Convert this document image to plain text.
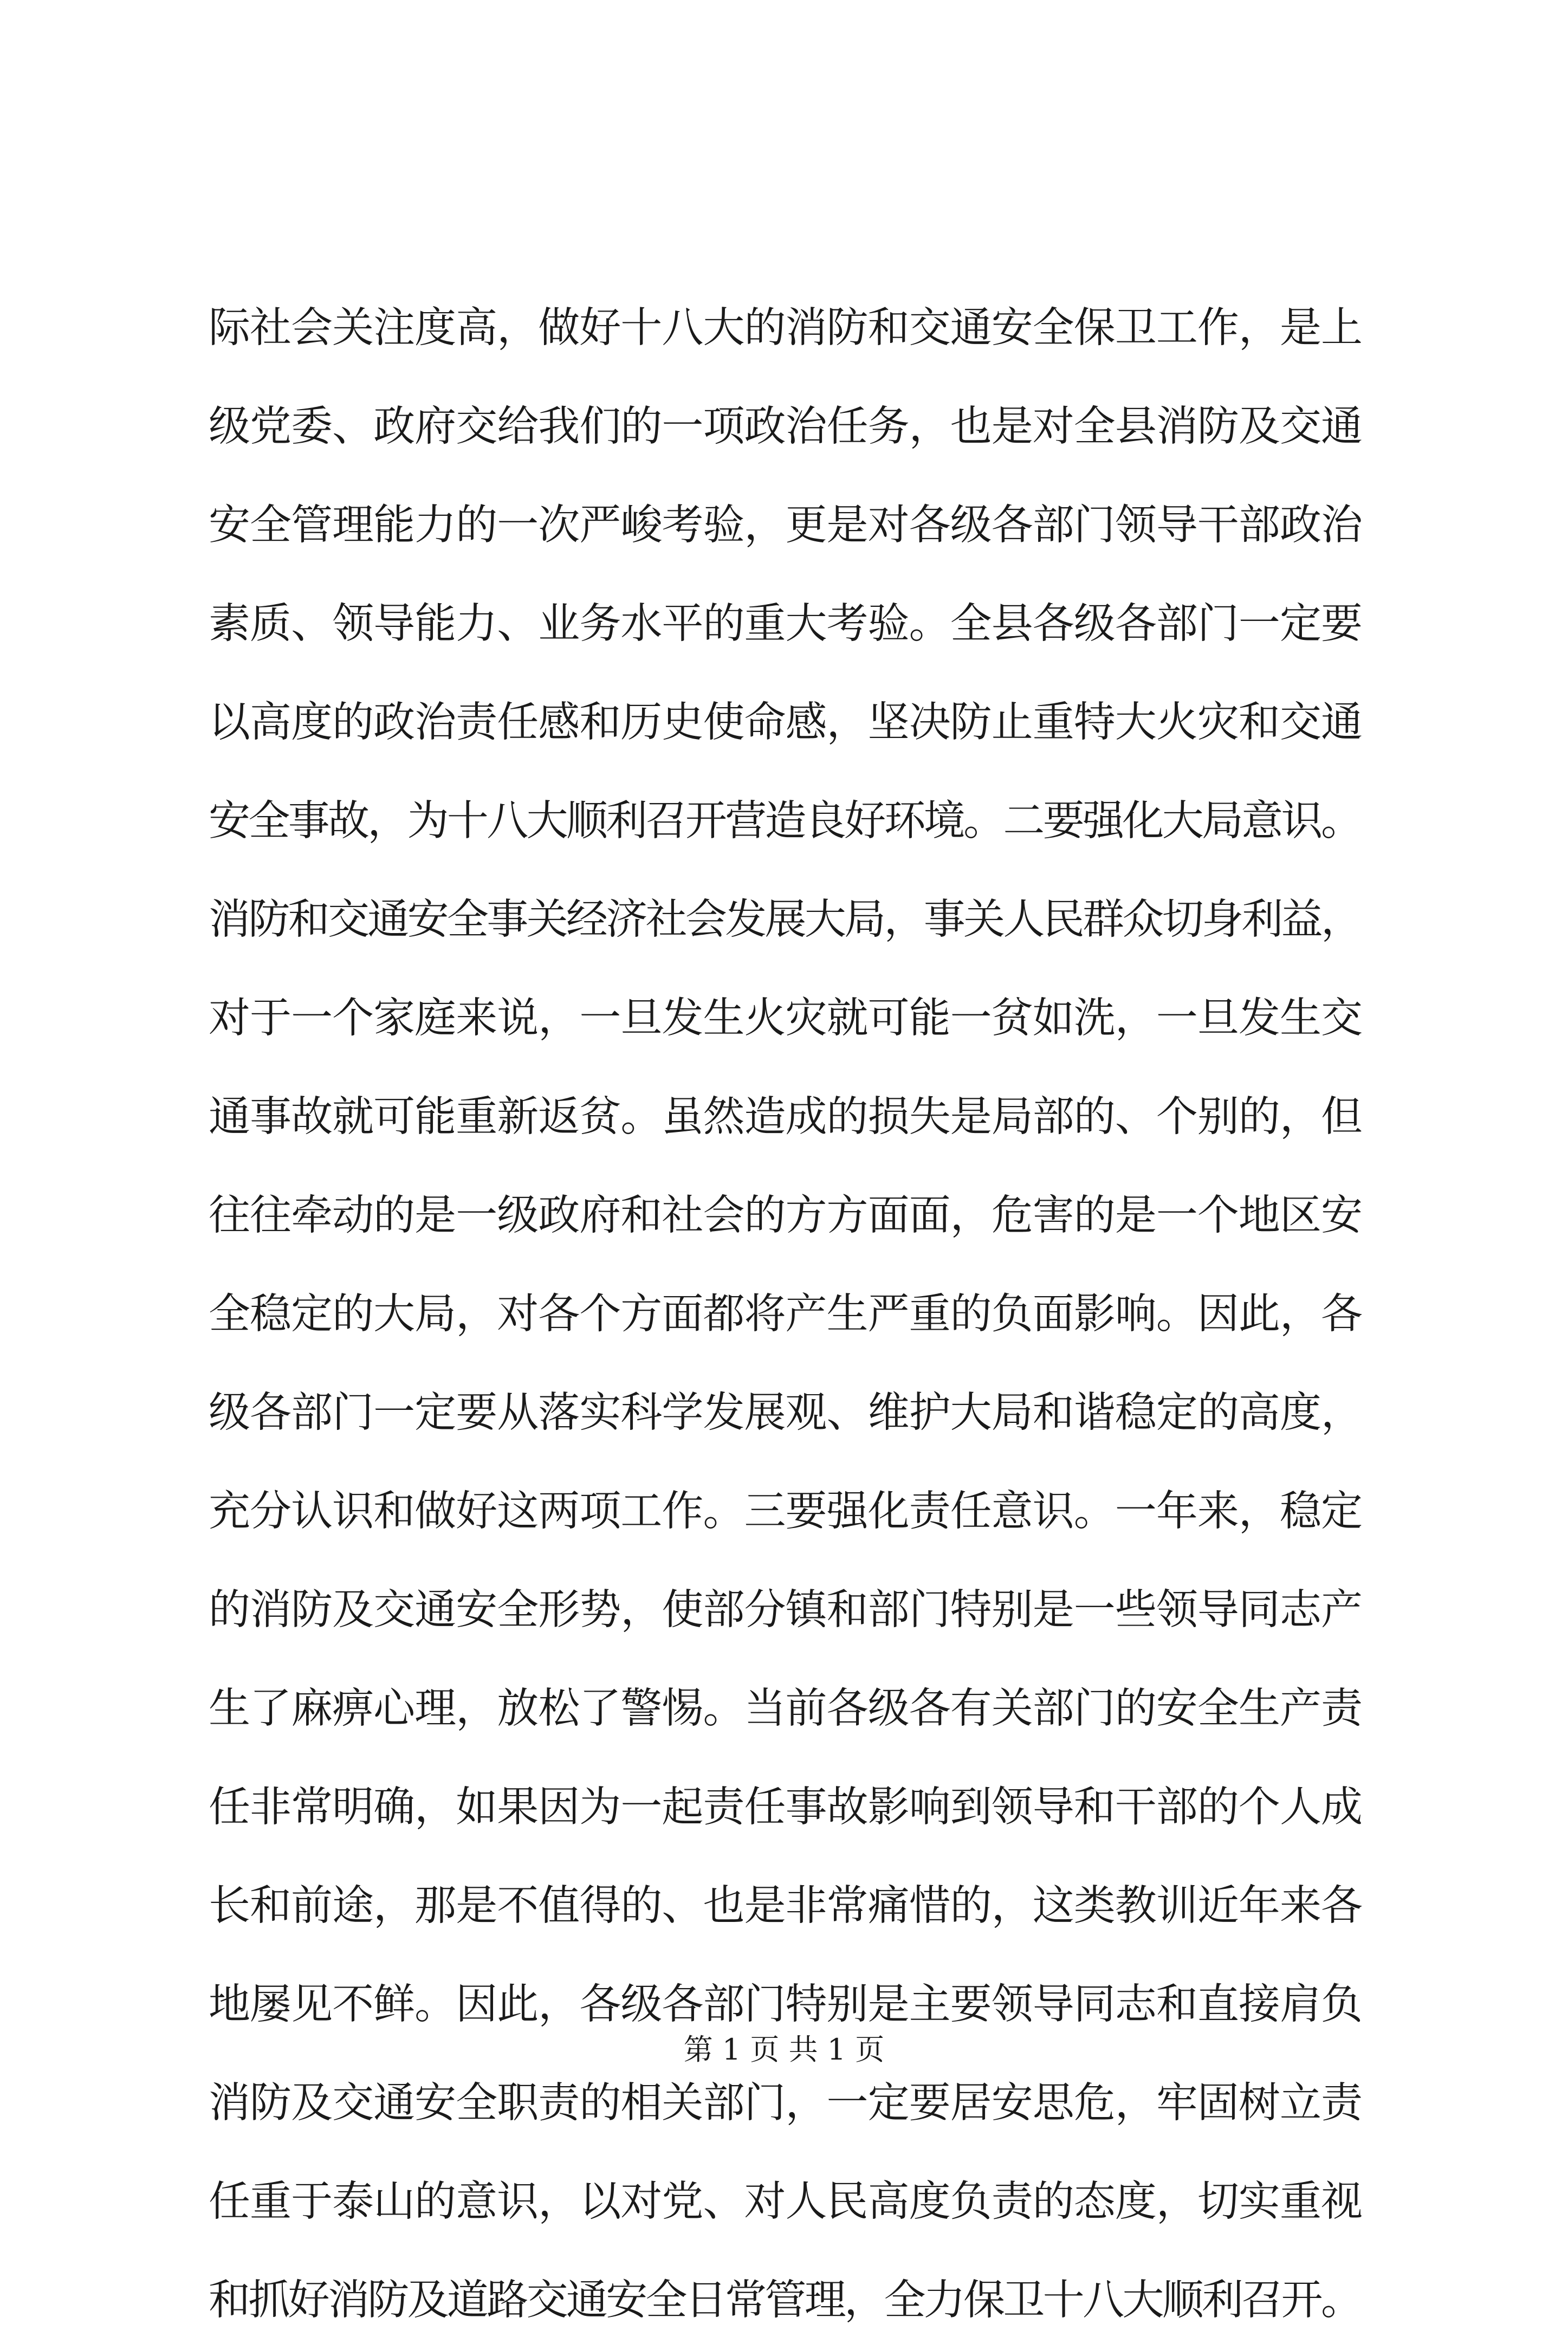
际社会关注度高，做好十八大的消防和交通安全保卫工作，是上
级党委、政府交给我们的一项政治任务，也是对全县消防及交通
安全管理能力的一次严峻考验，更是对各级各部门领导干部政治
素质、领导能力、业务水平的重大考验。全县各级各部门一定要
以高度的政治责任感和历史使命感，坚决防止重特大火灾和交通
安全事故，为十八大顺利召开营造良好环境。二要强化大局意识。
消防和交通安全事关经济社会发展大局，事关人民群众切身利益，
对于一个家庭来说，一旦发生火灾就可能一贫如洗，一旦发生交
通事故就可能重新返贫。虽然造成的损失是局部的、个别的，但
往往牵动的是一级政府和社会的方方面面，危害的是一个地区安
全稳定的大局，对各个方面都将产生严重的负面影响。因此，各
级各部门一定要从落实科学发展观、维护大局和谐稳定的高度，
充分认识和做好这两项工作。三要强化责任意识。一年来，稳定
的消防及交通安全形势，使部分镇和部门特别是一些领导同志产
生了麻痹心理，放松了警惕。当前各级各有关部门的安全生产责
任非常明确，如果因为一起责任事故影响到领导和干部的个人成
长和前途，那是不值得的、也是非常痛惜的，这类教训近年来各
地屡见不鲜。因此，各级各部门特别是主要领导同志和直接肩负
消防及交通安全职责的相关部门，一定要居安思危，牢固树立责
任重于泰山的意识，以对党、对人民高度负责的态度，切实重视
和抓好消防及道路交通安全日常管理，全力保卫十八大顺利召开。
第 1 页 共 1 页
